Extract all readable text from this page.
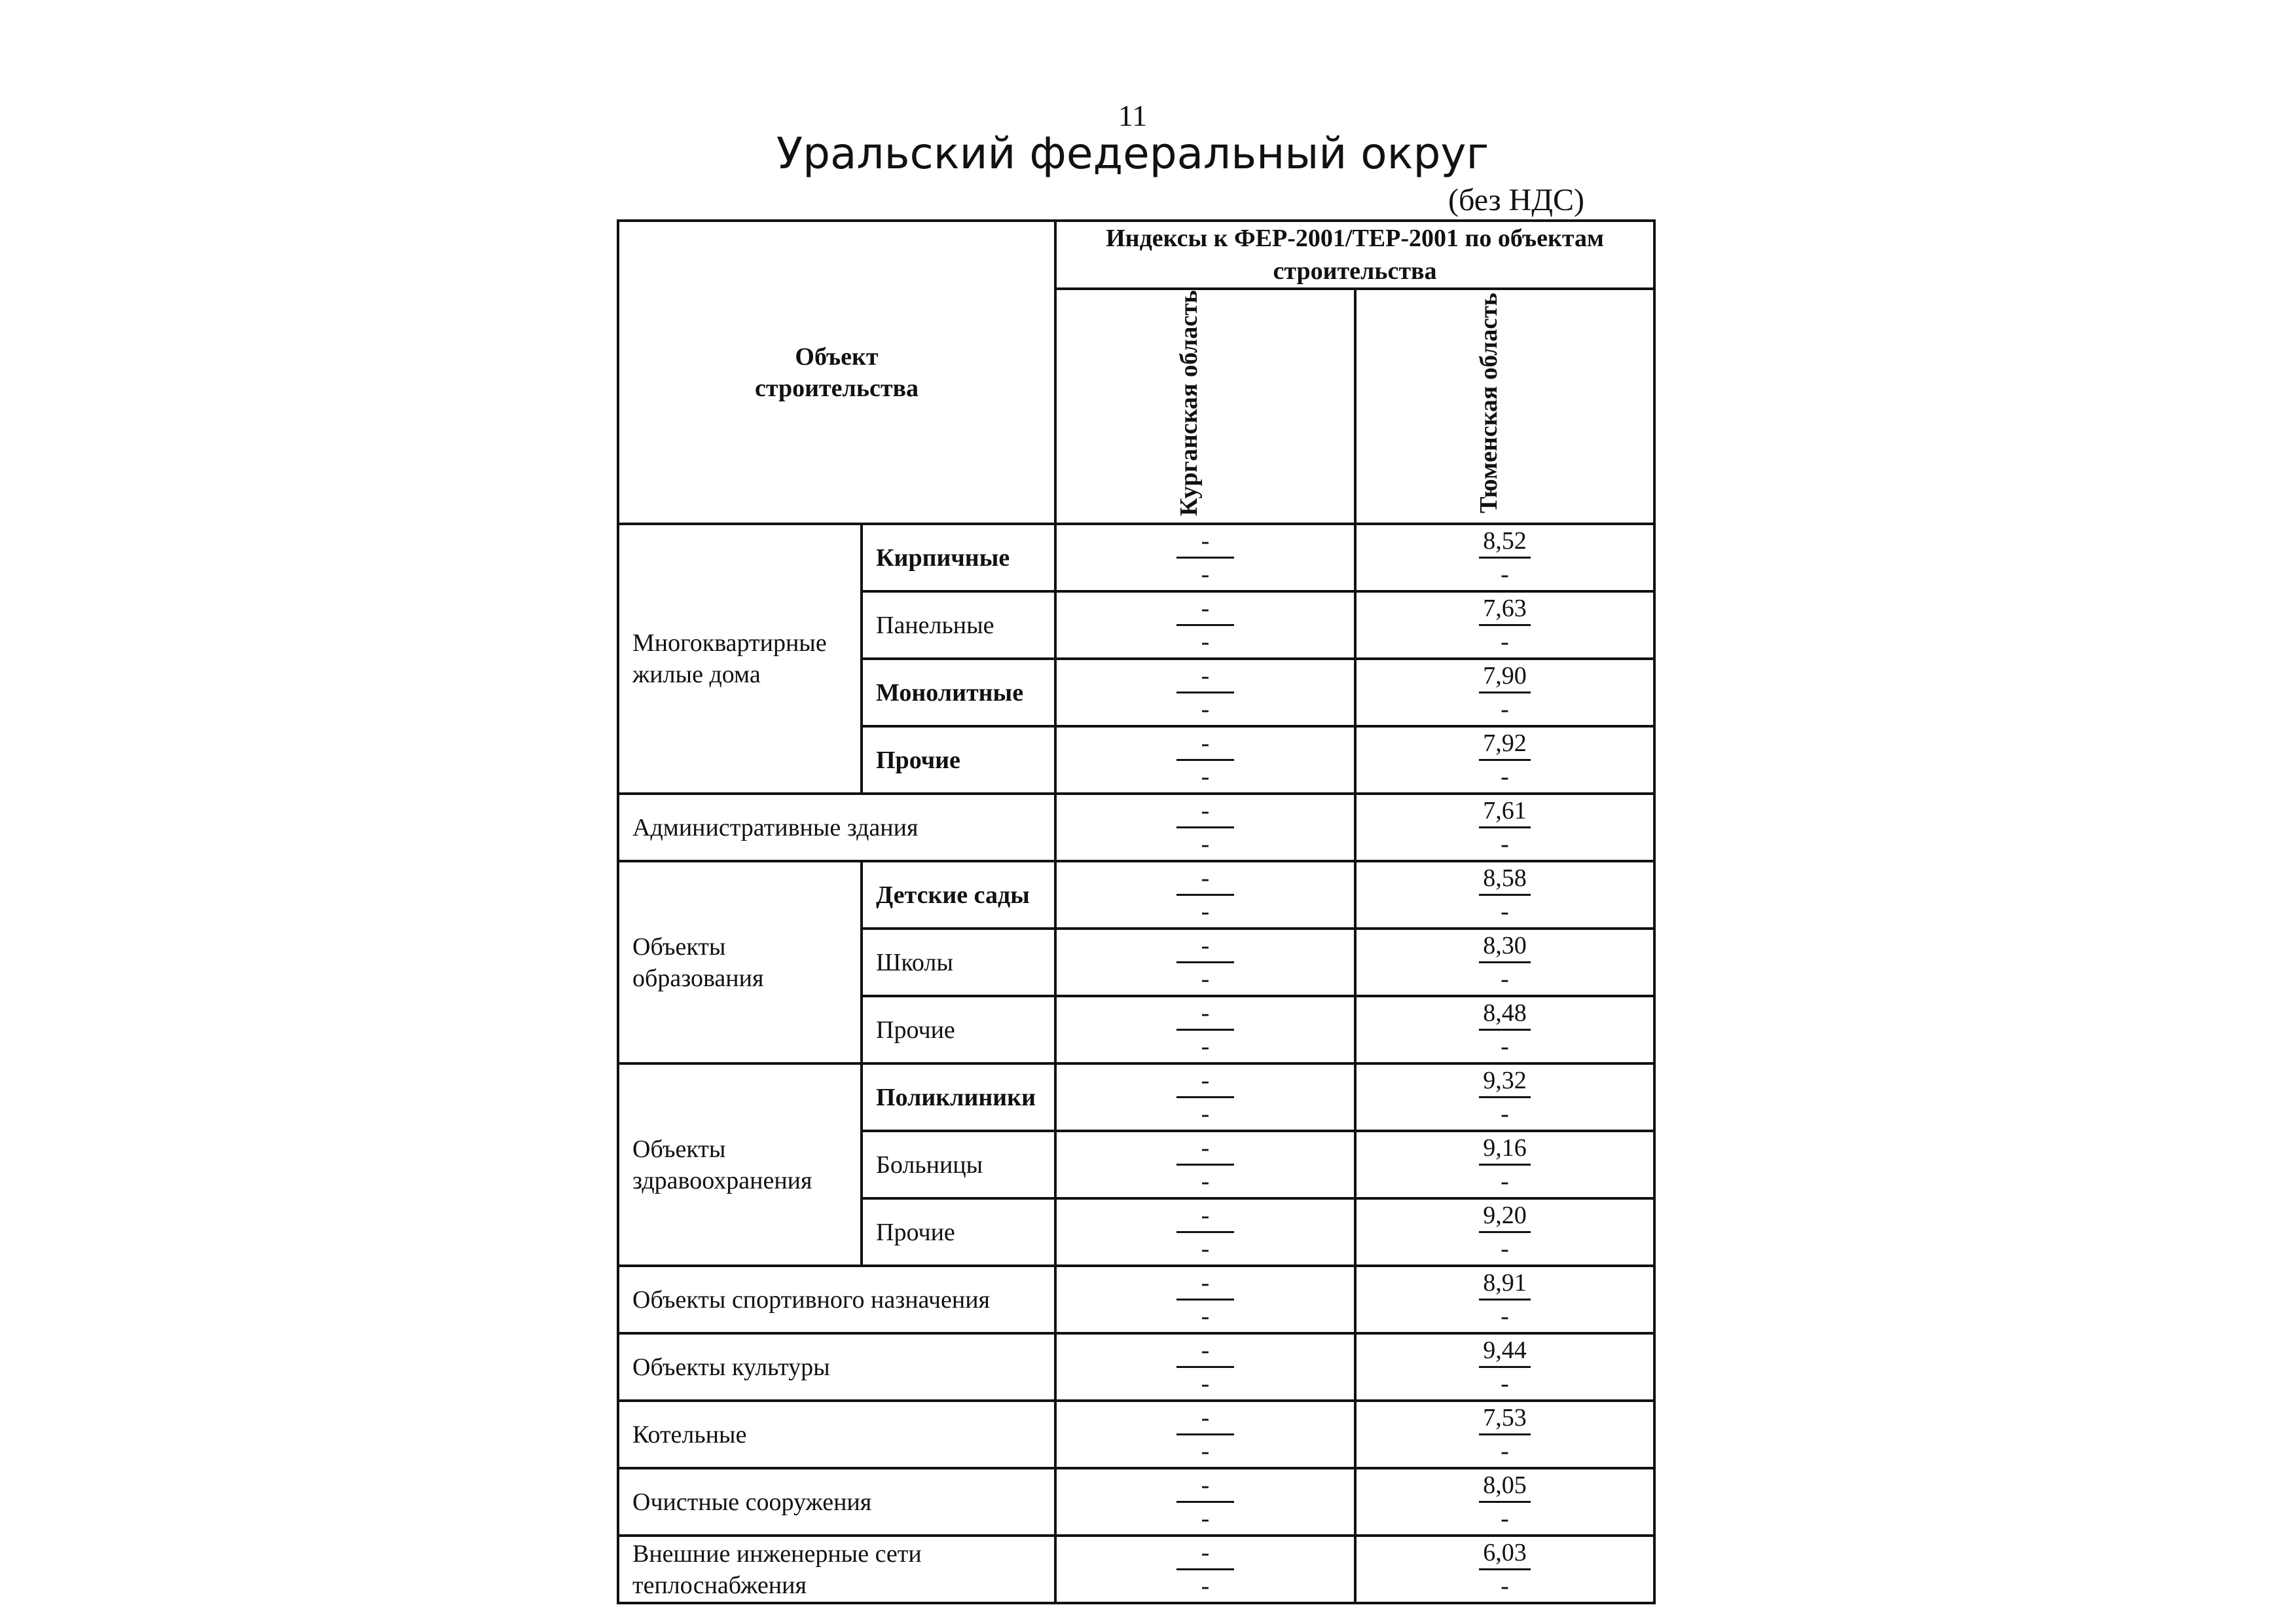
11
Уральский федеральный округ
(без НДС)
Объект строительства		Индексы к ФЕР-2001/ТЕР-2001 по объектам строительства	
		Курганская область	Тюменская область
Многоквартирные жилые дома	Кирпичные	$\frac{-}{-}$	$\frac{8,52}{-}$

	Панельные	$\frac{-}{-}$	$\frac{7,63}{-}$

	Монолитные	$\frac{-}{-}$	$\frac{7,90}{-}$

	Прочие	$\frac{-}{-}$	$\frac{7,92}{-}$

Административные здания		$\frac{-}{-}$	$\frac{7,61}{-}$

Объекты образования	Детские сады	$\frac{-}{-}$	$\frac{8,58}{-}$

	Школы	$\frac{-}{-}$	$\frac{8,30}{-}$

	Прочие	$\frac{-}{-}$	$\frac{8,48}{-}$

Объекты здравоохранения	Поликлиники	$\frac{-}{-}$	$\frac{9,32}{-}$

	Больницы	$\frac{-}{-}$	$\frac{9,16}{-}$

	Прочие	$\frac{-}{-}$	$\frac{9,20}{-}$

Объекты спортивного назначения		$\frac{-}{-}$	$\frac{8,91}{-}$

Объекты культуры		$\frac{-}{-}$	$\frac{9,44}{-}$

Котельные		$\frac{-}{-}$	$\frac{7,53}{-}$

Очистные сооружения		$\frac{-}{-}$	$\frac{8,05}{-}$

Внешние инженерные сети теплоснабжения		$\frac{-}{-}$	$\frac{6,03}{-}$
